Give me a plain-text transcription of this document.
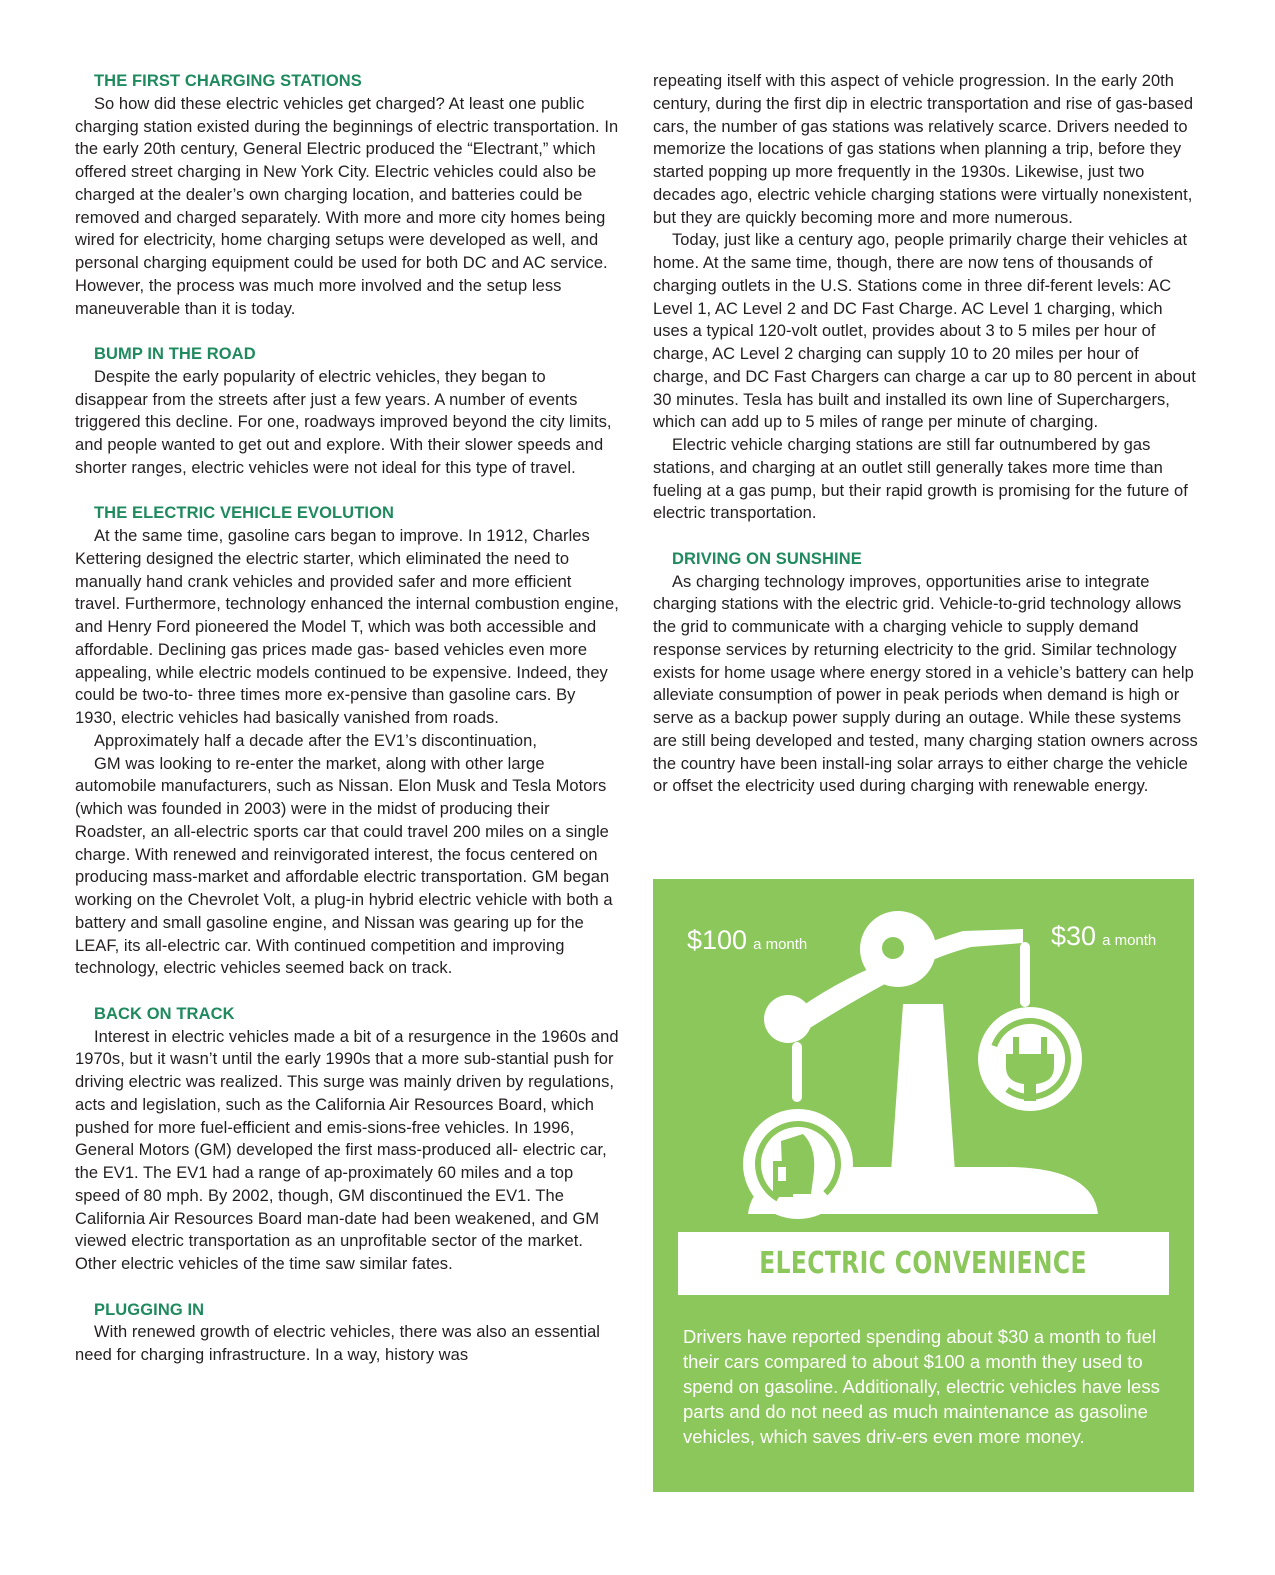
THE FIRST CHARGING STATIONS

So how did these electric vehicles get charged? At least one public charging station existed during the beginnings of electric transportation. In the early 20th century, General Electric produced the “Electrant,” which offered street charging in New York City. Electric vehicles could also be charged at the dealer’s own charging location, and batteries could be removed and charged separately. With more and more city homes being wired for electricity, home charging setups were developed as well, and personal charging equipment could be used for both DC and AC service. However, the process was much more involved and the setup less maneuverable than it is today.

BUMP IN THE ROAD

Despite the early popularity of electric vehicles, they began to disappear from the streets after just a few years. A number of events triggered this decline. For one, roadways improved beyond the city limits, and people wanted to get out and explore. With their slower speeds and shorter ranges, electric vehicles were not ideal for this type of travel.

THE ELECTRIC VEHICLE EVOLUTION

At the same time, gasoline cars began to improve. In 1912, Charles Kettering designed the electric starter, which eliminated the need to manually hand crank vehicles and provided safer and more efficient travel. Furthermore, technology enhanced the internal combustion engine, and Henry Ford pioneered the Model T, which was both accessible and affordable. Declining gas prices made gas- based vehicles even more appealing, while electric models continued to be expensive. Indeed, they could be two-to- three times more ex-pensive than gasoline cars. By 1930, electric vehicles had basically vanished from roads.

Approximately half a decade after the EV1’s discontinuation,

GM was looking to re-enter the market, along with other large automobile manufacturers, such as Nissan. Elon Musk and Tesla Motors (which was founded in 2003) were in the midst of producing their Roadster, an all-electric sports car that could travel 200 miles on a single charge. With renewed and reinvigorated interest, the focus centered on producing mass-market and affordable electric transportation. GM began working on the Chevrolet Volt, a plug-in hybrid electric vehicle with both a battery and small gasoline engine, and Nissan was gearing up for the LEAF, its all-electric car. With continued competition and improving technology, electric vehicles seemed back on track.

BACK ON TRACK

Interest in electric vehicles made a bit of a resurgence in the 1960s and 1970s, but it wasn’t until the early 1990s that a more sub-stantial push for driving electric was realized. This surge was mainly driven by regulations, acts and legislation, such as the California Air Resources Board, which pushed for more fuel-efficient and emis-sions-free vehicles. In 1996, General Motors (GM) developed the first mass-produced all- electric car, the EV1. The EV1 had a range of ap-proximately 60 miles and a top speed of 80 mph. By 2002, though, GM discontinued the EV1. The California Air Resources Board man-date had been weakened, and GM viewed electric transportation as an unprofitable sector of the market. Other electric vehicles of the time saw similar fates.

PLUGGING IN

With renewed growth of electric vehicles, there was also an essential need for charging infrastructure. In a way, history was

repeating itself with this aspect of vehicle progression. In the early 20th century, during the first dip in electric transportation and rise of gas-based cars, the number of gas stations was relatively scarce. Drivers needed to memorize the locations of gas stations when planning a trip, before they started popping up more frequently in the 1930s. Likewise, just two decades ago, electric vehicle charging stations were virtually nonexistent, but they are quickly becoming more and more numerous.

Today, just like a century ago, people primarily charge their vehicles at home. At the same time, though, there are now tens of thousands of charging outlets in the U.S. Stations come in three dif-ferent levels: AC Level 1, AC Level 2 and DC Fast Charge. AC Level 1 charging, which uses a typical 120-volt outlet, provides about 3 to 5 miles per hour of charge, AC Level 2 charging can supply 10 to 20 miles per hour of charge, and DC Fast Chargers can charge a car up to 80 percent in about 30 minutes. Tesla has built and installed its own line of Superchargers, which can add up to 5 miles of range per minute of charging.

Electric vehicle charging stations are still far outnumbered by gas stations, and charging at an outlet still generally takes more time than fueling at a gas pump, but their rapid growth is promising for the future of electric transportation.

DRIVING ON SUNSHINE

As charging technology improves, opportunities arise to integrate charging stations with the electric grid. Vehicle-to-grid technology allows the grid to communicate with a charging vehicle to supply demand response services by returning electricity to the grid. Similar technology exists for home usage where energy stored in a vehicle’s battery can help alleviate consumption of power in peak periods when demand is high or serve as a backup power supply during an outage. While these systems are still being developed and tested, many charging station owners across the country have been install-ing solar arrays to either charge the vehicle or offset the electricity used during charging with renewable energy.

$100 a month	$30 a month
ELECTRIC CONVENIENCE

Drivers have reported spending about $30 a month to fuel their cars compared to about $100 a month they used to spend on gasoline. Additionally, electric vehicles have less parts and do not need as much maintenance as gasoline vehicles, which saves driv-ers even more money.
